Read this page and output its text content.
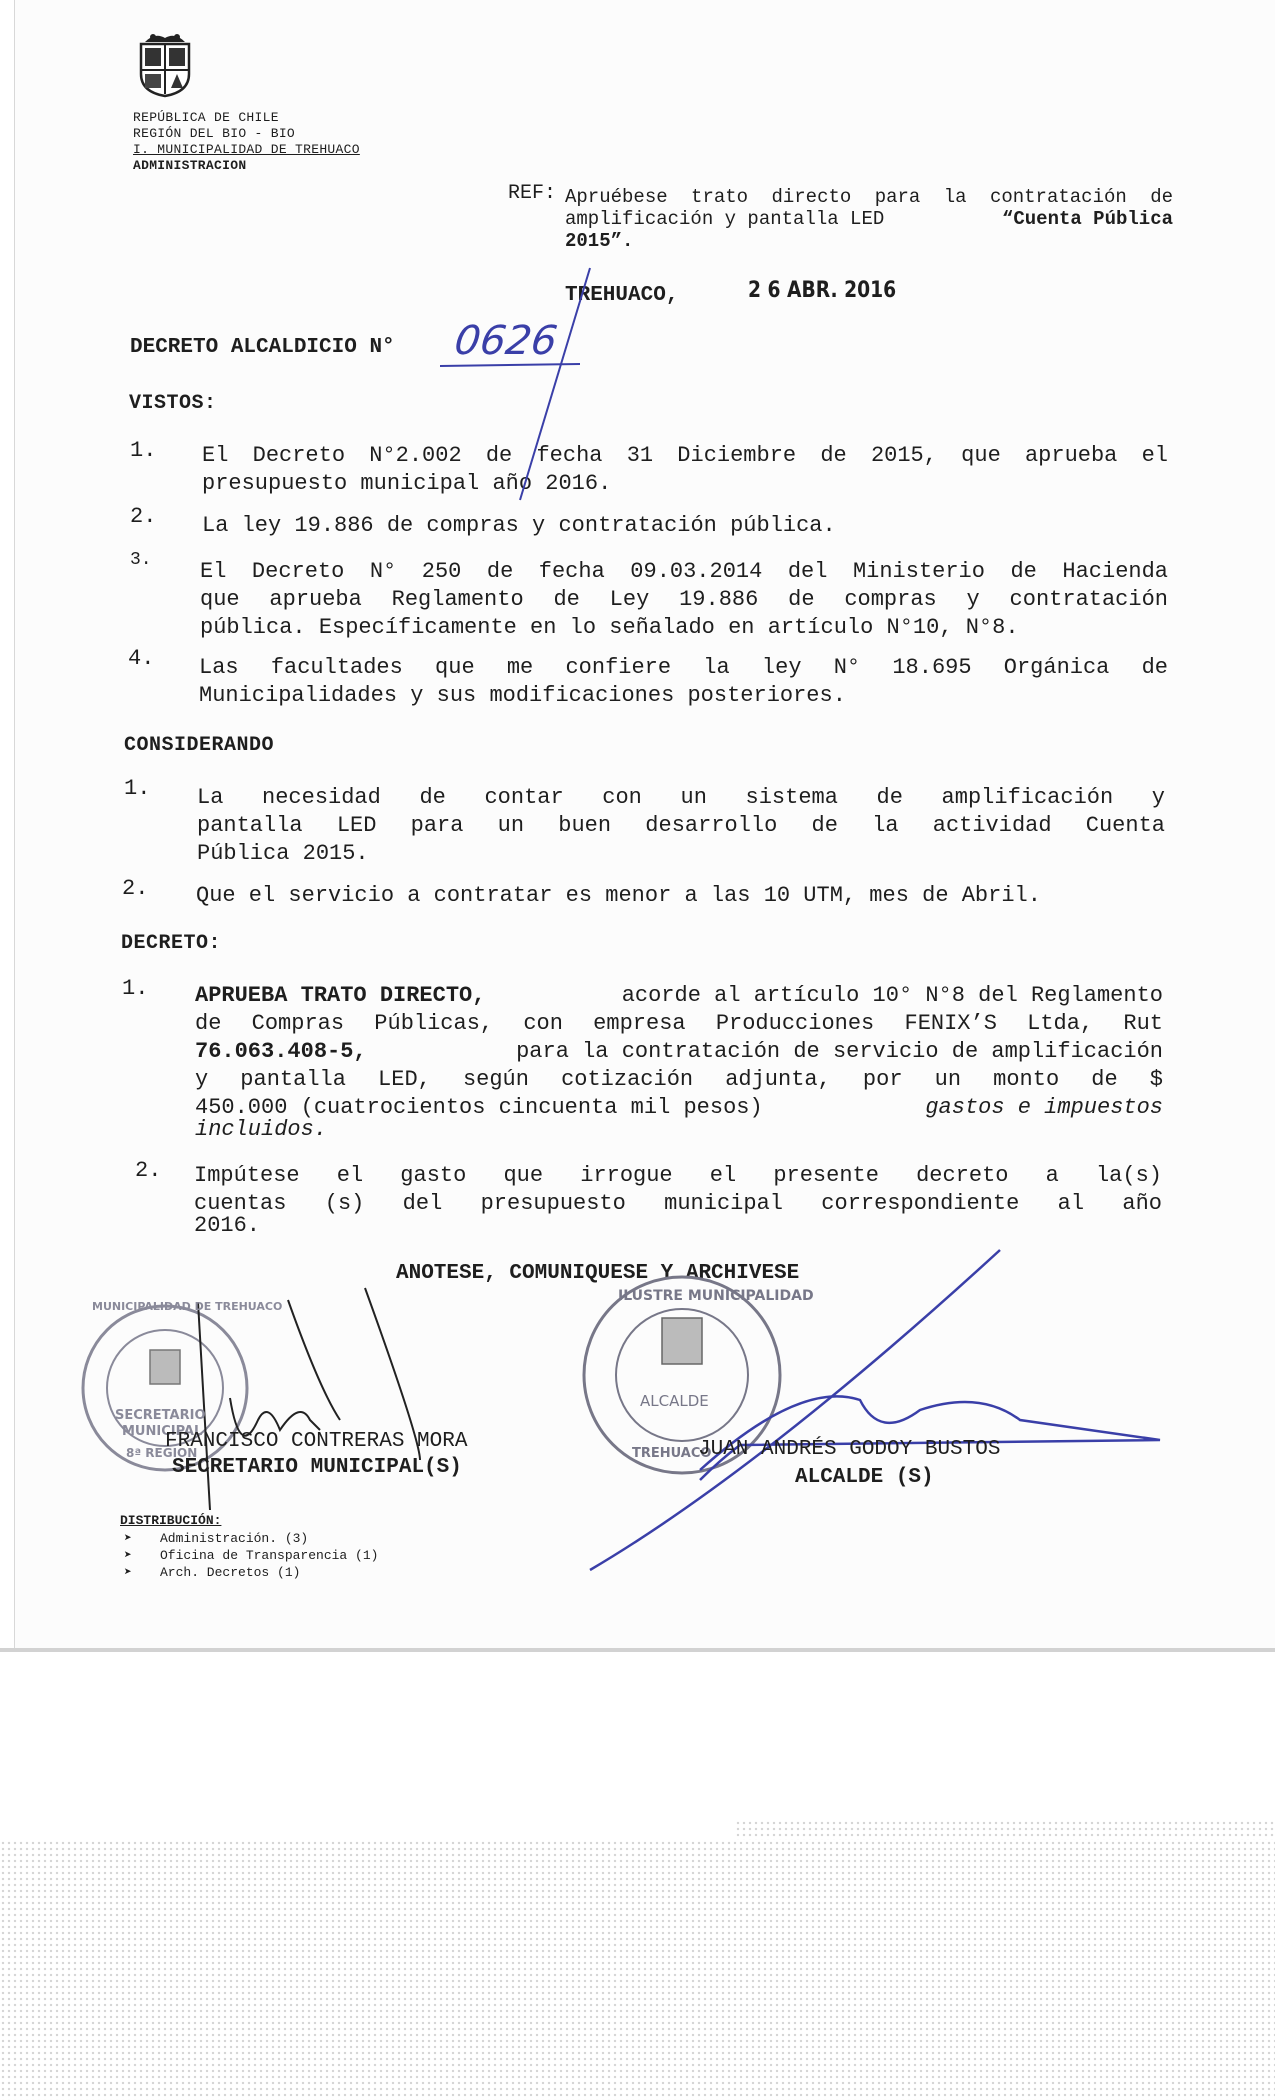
REPÚBLICA DE CHILE
REGIÓN DEL BIO - BIO
I. MUNICIPALIDAD DE TREHUACO
ADMINISTRACION
REF: Apruébese trato directo para la contratación de
amplificación y pantalla LED	“Cuenta Pública
2015”.
TREHUACO,	2 6 ABR. 2016
DECRETO ALCALDICIO N° 0626
VISTOS:
1. El Decreto N°2.002 de fecha 31 Diciembre de 2015, que aprueba el
presupuesto municipal año 2016.
2. La ley 19.886 de compras y contratación pública.
3. El Decreto N° 250 de fecha 09.03.2014 del Ministerio de Hacienda
que aprueba Reglamento de Ley 19.886 de compras y contratación
pública. Específicamente en lo señalado en artículo N°10, N°8.
4. Las facultades que me confiere la ley N° 18.695 Orgánica de
Municipalidades y sus modificaciones posteriores.
CONSIDERANDO
1. La necesidad de contar con un sistema de amplificación y
pantalla LED para un buen desarrollo de la actividad Cuenta
Pública 2015.
2. Que el servicio a contratar es menor a las 10 UTM, mes de Abril.
DECRETO:
1. APRUEBA TRATO DIRECTO,	acorde al artículo 10° N°8 del Reglamento
de Compras Públicas, con empresa Producciones FENIX’S Ltda, Rut
76.063.408-5,	para la contratación de servicio de amplificación
y pantalla LED, según cotización adjunta, por un monto de $
450.000 (cuatrocientos cincuenta mil pesos)	gastos e impuestos
incluidos.
2. Impútese el gasto que irrogue el presente decreto a la(s)
cuentas (s) del presupuesto municipal correspondiente al año
2016.
ANOTESE, COMUNIQUESE Y ARCHIVESE
SECRETARIO
MUNICIPAL
MUNICIPALIDAD DE TREHUACO
8ª REGION
ILUSTRE MUNICIPALIDAD
ALCALDE
TREHUACO
FRANCISCO CONTRERAS MORA
SECRETARIO MUNICIPAL(S)
JUAN ANDRÉS GODOY BUSTOS
ALCALDE (S)
DISTRIBUCIÓN:
➤ Administración. (3)
➤ Oficina de Transparencia (1)
➤ Arch. Decretos (1)
